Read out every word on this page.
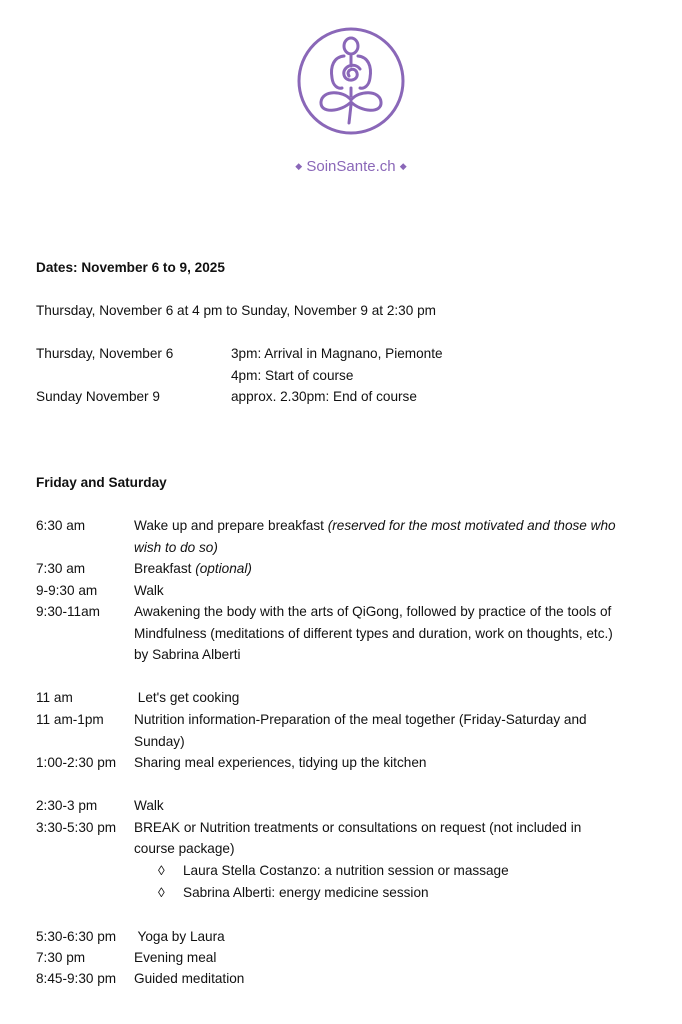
◆ SoinSante.ch ◆
Dates: November 6 to 9, 2025
Thursday, November 6 at 4 pm to Sunday, November 9 at 2:30 pm
Thursday, November 6	3pm: Arrival in Magnano, Piemonte
4pm: Start of course
Sunday November 9	approx. 2.30pm: End of course
Friday and Saturday
6:30 am	Wake up and prepare breakfast (reserved for the most motivated and those who
wish to do so)
7:30 am	Breakfast (optional)
9-9:30 am	Walk
9:30-11am	Awakening the body with the arts of QiGong, followed by practice of the tools of
Mindfulness (meditations of different types and duration, work on thoughts, etc.)
by Sabrina Alberti
11 am	Let's get cooking
11 am-1pm Nutrition information-Preparation of the meal together (Friday-Saturday and
Sunday)
1:00-2:30 pm Sharing meal experiences, tidying up the kitchen
2:30-3 pm	Walk
3:30-5:30 pm BREAK or Nutrition treatments or consultations on request (not included in
course package)
◊ Laura Stella Costanzo: a nutrition session or massage
◊ Sabrina Alberti: energy medicine session
5:30-6:30 pm Yoga by Laura
7:30 pm	Evening meal
8:45-9:30 pm Guided meditation
